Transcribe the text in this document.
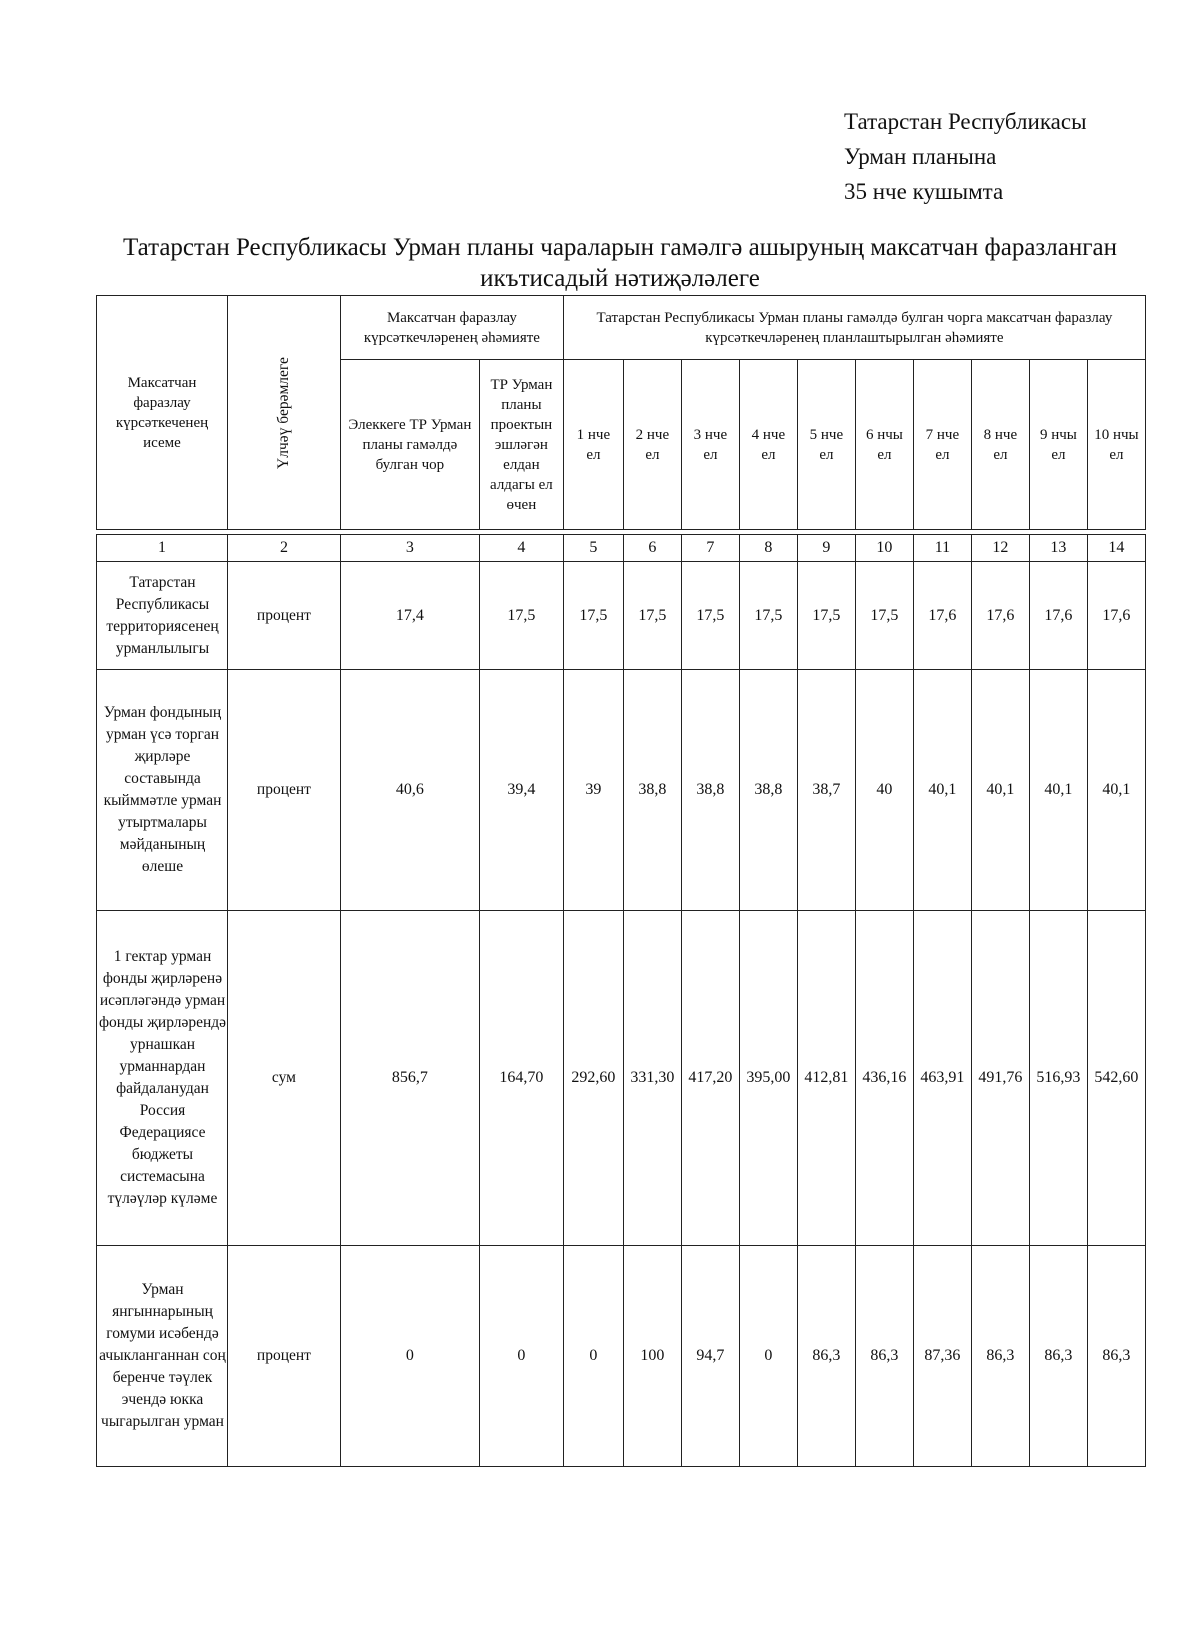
Татарстан Республикасы
Урман планына
35 нче кушымта
Татарстан Республикасы Урман планы чараларын гамәлгә ашыруның максатчан фаразланган икътисадый нәтиҗәләлеге
Максатчан фаразлау күрсәткеченең исеме	Үлчәү берәмлеге	Максатчан фаразлау күрсәткечләренең әһәмияте		Татарстан Республикасы Урман планы гамәлдә булган чорга максатчан фаразлау күрсәткечләренең планлаштырылган әһәмияте									
		Элеккеге ТР Урман планы гамәлдә булган чор	ТР Урман планы проектын эшләгән елдан алдагы ел өчен	1 нче ел	2 нче ел	3 нче ел	4 нче ел	5 нче ел	6 нчы ел	7 нче ел	8 нче ел	9 нчы ел	10 нчы ел

1	2	3	4	5	6	7	8	9	10	11	12	13	14
Татарстан Республикасы территориясенең урманлылыгы	процент	17,4	17,5	17,5	17,5	17,5	17,5	17,5	17,5	17,6	17,6	17,6	17,6
Урман фондының урман үсә торган җирләре составында кыйммәтле урман утыртмалары мәйданының өлеше	процент	40,6	39,4	39	38,8	38,8	38,8	38,7	40	40,1	40,1	40,1	40,1
1 гектар урман фонды җирләренә исәпләгәндә урман фонды җирләрендә урнашкан урманнардан файдаланудан Россия Федерациясе бюджеты системасына түләүләр күләме	сум	856,7	164,70	292,60	331,30	417,20	395,00	412,81	436,16	463,91	491,76	516,93	542,60
Урман янгыннарының гомуми исәбендә ачыкланганнан соң беренче тәүлек эчендә юкка чыгарылган урман	процент	0	0	0	100	94,7	0	86,3	86,3	87,36	86,3	86,3	86,3
